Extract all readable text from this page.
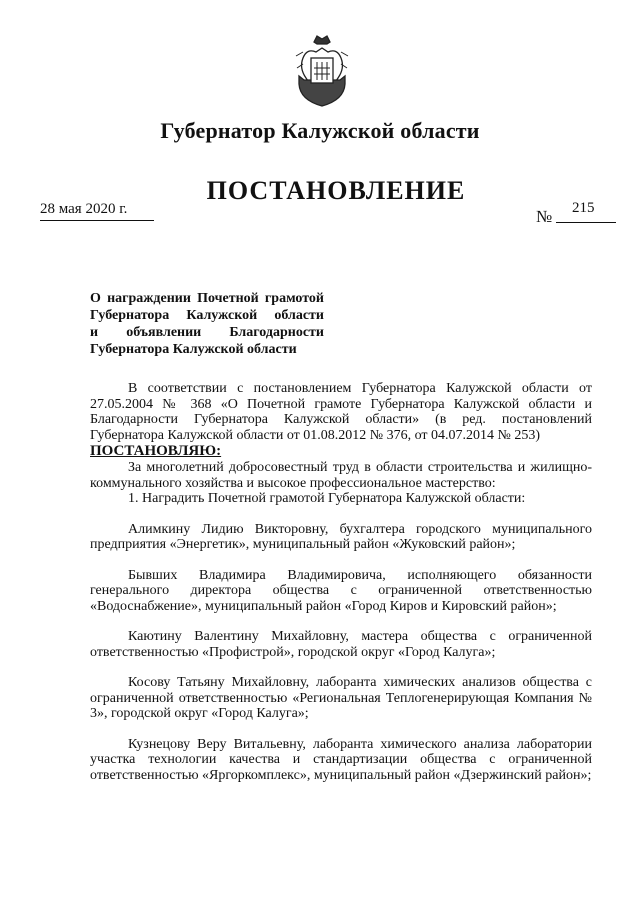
Губернатор Калужской области
ПОСТАНОВЛЕНИЕ
28 мая 2020 г.	№ 215
О награждении Почетной грамотой
Губернатора Калужской области
и объявлении Благодарности
Губернатора Калужской области

В соответствии с постановлением Губернатора Калужской области от 27.05.2004 № 368 «О Почетной грамоте Губернатора Калужской области и Благодарности Губернатора Калужской области» (в ред. постановлений Губернатора Калужской области от 01.08.2012 № 376, от 04.07.2014 № 253)

ПОСТАНОВЛЯЮ:

За многолетний добросовестный труд в области строительства и жилищно-коммунального хозяйства и высокое профессиональное мастерство:

1. Наградить Почетной грамотой Губернатора Калужской области:

Алимкину Лидию Викторовну, бухгалтера городского муниципального предприятия «Энергетик», муниципальный район «Жуковский район»;

Бывших Владимира Владимировича, исполняющего обязанности генерального директора общества с ограниченной ответственностью «Водоснабжение», муниципальный район «Город Киров и Кировский район»;

Каютину Валентину Михайловну, мастера общества с ограниченной ответственностью «Профистрой», городской округ «Город Калуга»;

Косову Татьяну Михайловну, лаборанта химических анализов общества с ограниченной ответственностью «Региональная Теплогенерирующая Компания № 3», городской округ «Город Калуга»;

Кузнецову Веру Витальевну, лаборанта химического анализа лаборатории участка технологии качества и стандартизации общества с ограниченной ответственностью «Яргоркомплекс», муниципальный район «Дзержинский район»;
